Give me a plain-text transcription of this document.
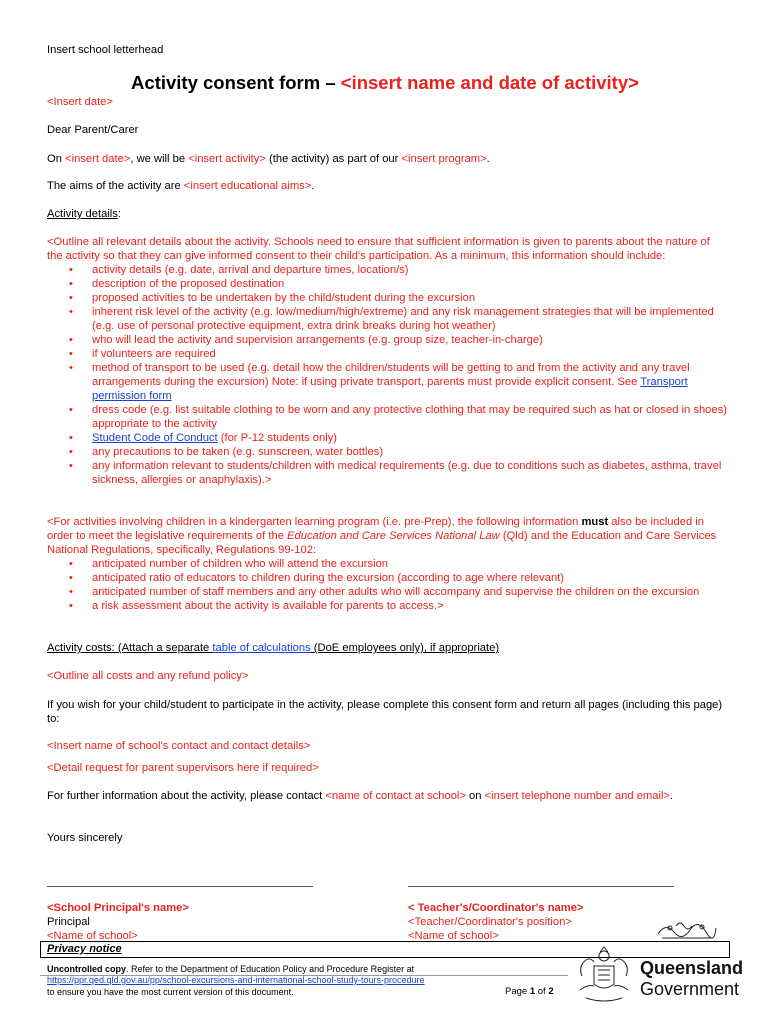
Insert school letterhead
Activity consent form – <insert name and date of activity>
<Insert date>
Dear Parent/Carer
On <insert date>, we will be <insert activity> (the activity) as part of our <insert program>.
The aims of the activity are <insert educational aims>.
Activity details:
<Outline all relevant details about the activity. Schools need to ensure that sufficient information is given to parents about the nature of the activity so that they can give informed consent to their child's participation. As a minimum, this information should include:
• activity details (e.g. date, arrival and departure times, location/s)
• description of the proposed destination
• proposed activities to be undertaken by the child/student during the excursion
• inherent risk level of the activity (e.g. low/medium/high/extreme) and any risk management strategies that will be implemented (e.g. use of personal protective equipment, extra drink breaks during hot weather)
• who will lead the activity and supervision arrangements (e.g. group size, teacher-in-charge)
• if volunteers are required
• method of transport to be used (e.g. detail how the children/students will be getting to and from the activity and any travel arrangements during the excursion) Note: if using private transport, parents must provide explicit consent. See Transport permission form
• dress code (e.g. list suitable clothing to be worn and any protective clothing that may be required such as hat or closed in shoes) appropriate to the activity
• Student Code of Conduct (for P-12 students only)
• any precautions to be taken (e.g. sunscreen, water bottles)
• any information relevant to students/children with medical requirements (e.g. due to conditions such as diabetes, asthma, travel sickness, allergies or anaphylaxis).>
<For activities involving children in a kindergarten learning program (i.e. pre-Prep), the following information must also be included in order to meet the legislative requirements of the Education and Care Services National Law (Qld) and the Education and Care Services National Regulations, specifically, Regulations 99-102:
• anticipated number of children who will attend the excursion
• anticipated ratio of educators to children during the excursion (according to age where relevant)
• anticipated number of staff members and any other adults who will accompany and supervise the children on the excursion
• a risk assessment about the activity is available for parents to access.>
Activity costs: (Attach a separate table of calculations (DoE employees only), if appropriate)
<Outline all costs and any refund policy>
If you wish for your child/student to participate in the activity, please complete this consent form and return all pages (including this page) to:
<Insert name of school's contact and contact details>
<Detail request for parent supervisors here if required>
For further information about the activity, please contact <name of contact at school> on <insert telephone number and email>.
Yours sincerely
<School Principal's name>
Principal
<Name of school>
< Teacher's/Coordinator's name>
<Teacher/Coordinator's position>
<Name of school>
Privacy notice
Uncontrolled copy. Refer to the Department of Education Policy and Procedure Register at
https://ppr.qed.qld.gov.au/pp/school-excursions-and-international-school-study-tours-procedure
to ensure you have the most current version of this document.	Page 1 of 2
Queensland
Government
